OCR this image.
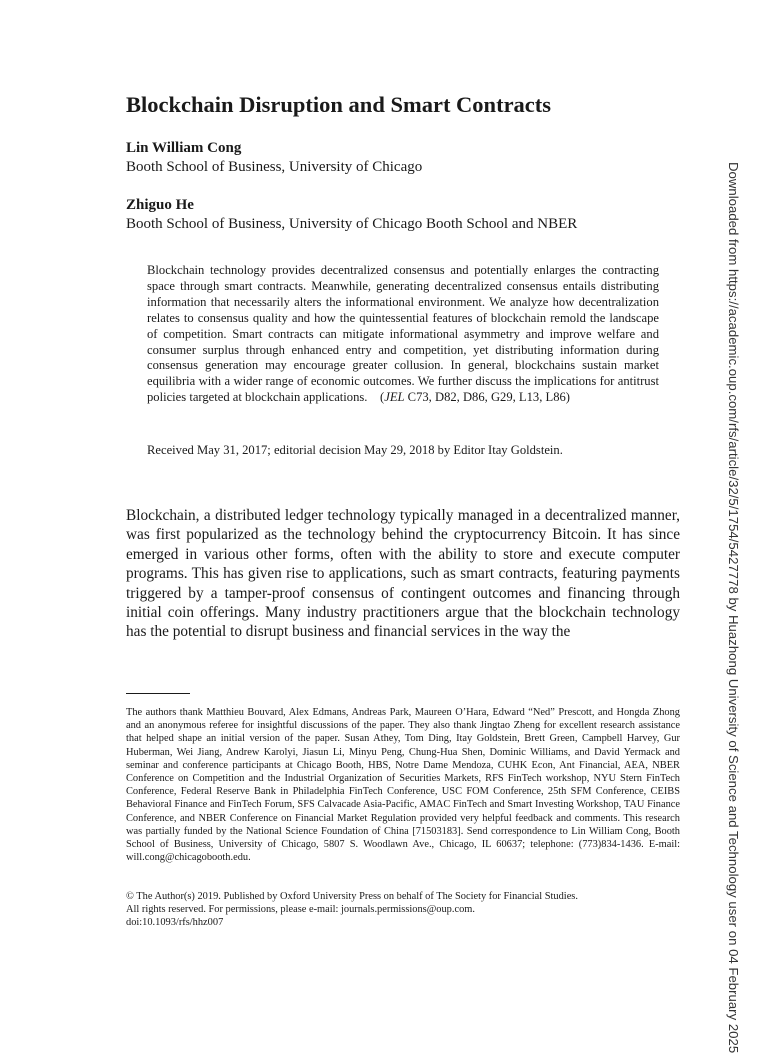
Blockchain Disruption and Smart Contracts
Lin William Cong
Booth School of Business, University of Chicago
Zhiguo He
Booth School of Business, University of Chicago Booth School and NBER

Blockchain technology provides decentralized consensus and potentially enlarges the contracting space through smart contracts. Meanwhile, generating decentralized consensus entails distributing information that necessarily alters the informational environment. We analyze how decentralization relates to consensus quality and how the quintessential features of blockchain remold the landscape of competition. Smart contracts can mitigate informational asymmetry and improve welfare and consumer surplus through enhanced entry and competition, yet distributing information during consensus generation may encourage greater collusion. In general, blockchains sustain market equilibria with a wider range of economic outcomes. We further discuss the implications for antitrust policies targeted at blockchain applications. (JEL C73, D82, D86, G29, L13, L86)

Received May 31, 2017; editorial decision May 29, 2018 by Editor Itay Goldstein.

Blockchain, a distributed ledger technology typically managed in a decentralized manner, was first popularized as the technology behind the cryptocurrency Bitcoin. It has since emerged in various other forms, often with the ability to store and execute computer programs. This has given rise to applications, such as smart contracts, featuring payments triggered by a tamper-proof consensus of contingent outcomes and financing through initial coin offerings. Many industry practitioners argue that the blockchain technology has the potential to disrupt business and financial services in the way the

The authors thank Matthieu Bouvard, Alex Edmans, Andreas Park, Maureen O’Hara, Edward “Ned” Prescott, and Hongda Zhong and an anonymous referee for insightful discussions of the paper. They also thank Jingtao Zheng for excellent research assistance that helped shape an initial version of the paper. Susan Athey, Tom Ding, Itay Goldstein, Brett Green, Campbell Harvey, Gur Huberman, Wei Jiang, Andrew Karolyi, Jiasun Li, Minyu Peng, Chung-Hua Shen, Dominic Williams, and David Yermack and seminar and conference participants at Chicago Booth, HBS, Notre Dame Mendoza, CUHK Econ, Ant Financial, AEA, NBER Conference on Competition and the Industrial Organization of Securities Markets, RFS FinTech workshop, NYU Stern FinTech Conference, Federal Reserve Bank in Philadelphia FinTech Conference, USC FOM Conference, 25th SFM Conference, CEIBS Behavioral Finance and FinTech Forum, SFS Calvacade Asia-Pacific, AMAC FinTech and Smart Investing Workshop, TAU Finance Conference, and NBER Conference on Financial Market Regulation provided very helpful feedback and comments. This research was partially funded by the National Science Foundation of China [71503183]. Send correspondence to Lin William Cong, Booth School of Business, University of Chicago, 5807 S. Woodlawn Ave., Chicago, IL 60637; telephone: (773)834-1436. E-mail: will.cong@chicagobooth.edu.

© The Author(s) 2019. Published by Oxford University Press on behalf of The Society for Financial Studies.
All rights reserved. For permissions, please e-mail: journals.permissions@oup.com.
doi:10.1093/rfs/hhz007	Downloaded from https://academic.oup.com/rfs/article/32/5/1754/5427778 by Huazhong University of Science and Technology user on 04 February 2025
